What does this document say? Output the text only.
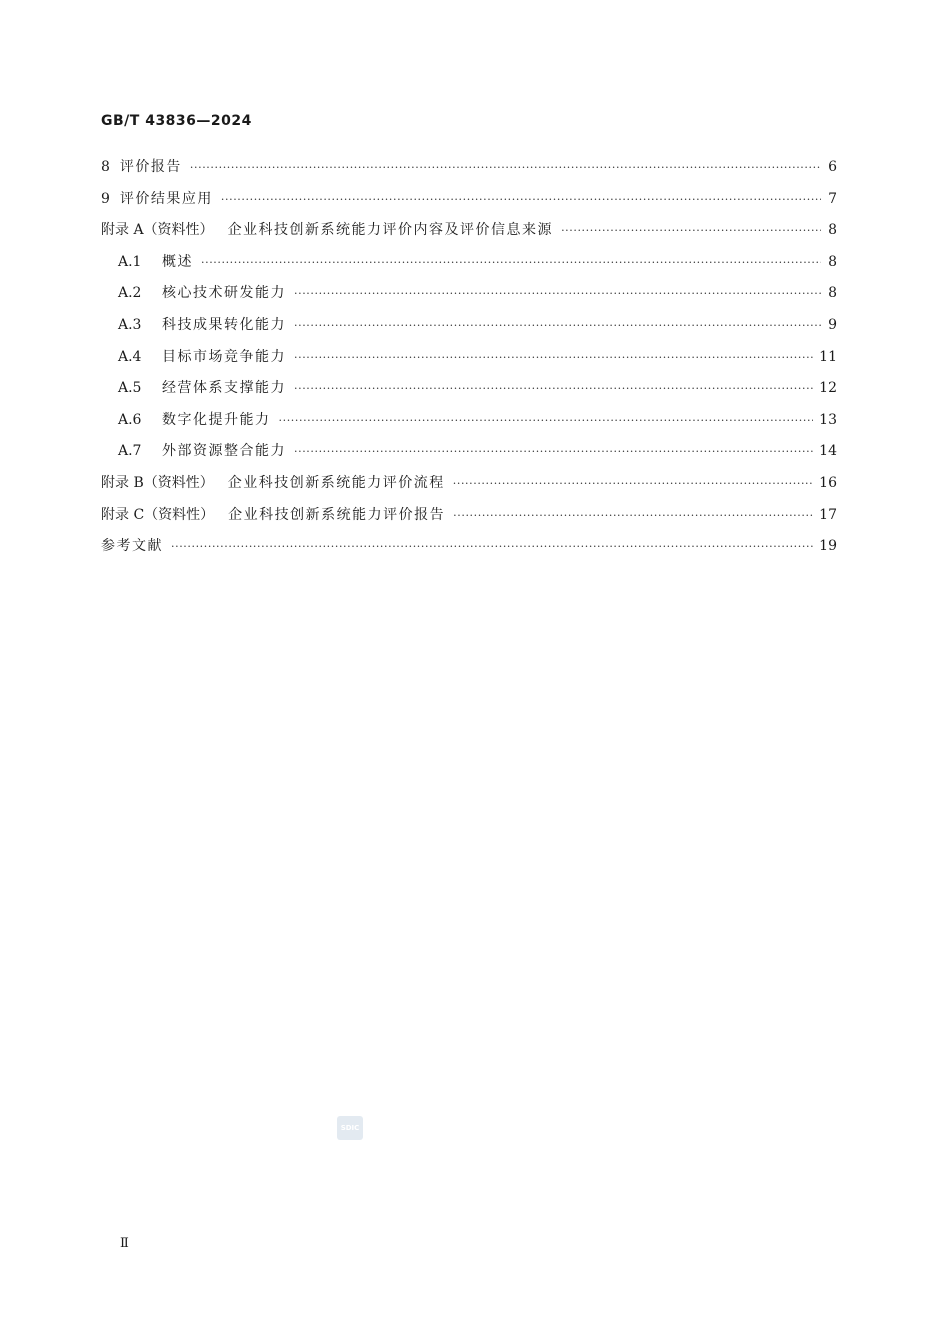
GB/T 43836—2024
8 评价报告 ·····	6
9 评价结果应用 ·····	7
附录 A（资料性） 企业科技创新系统能力评价内容及评价信息来源 ·····	8
A.1	概述 ·····	8
A.2	核心技术研发能力 ·····	8
A.3	科技成果转化能力 ·····	9
A.4	目标市场竞争能力 ·····	11
A.5	经营体系支撑能力 ·····	12
A.6	数字化提升能力 ·····	13
A.7	外部资源整合能力 ·····	14
附录 B（资料性） 企业科技创新系统能力评价流程 ·····	16
附录 C（资料性） 企业科技创新系统能力评价报告 ·····	17
参考文献 ·····	19
SDIC
Ⅱ
